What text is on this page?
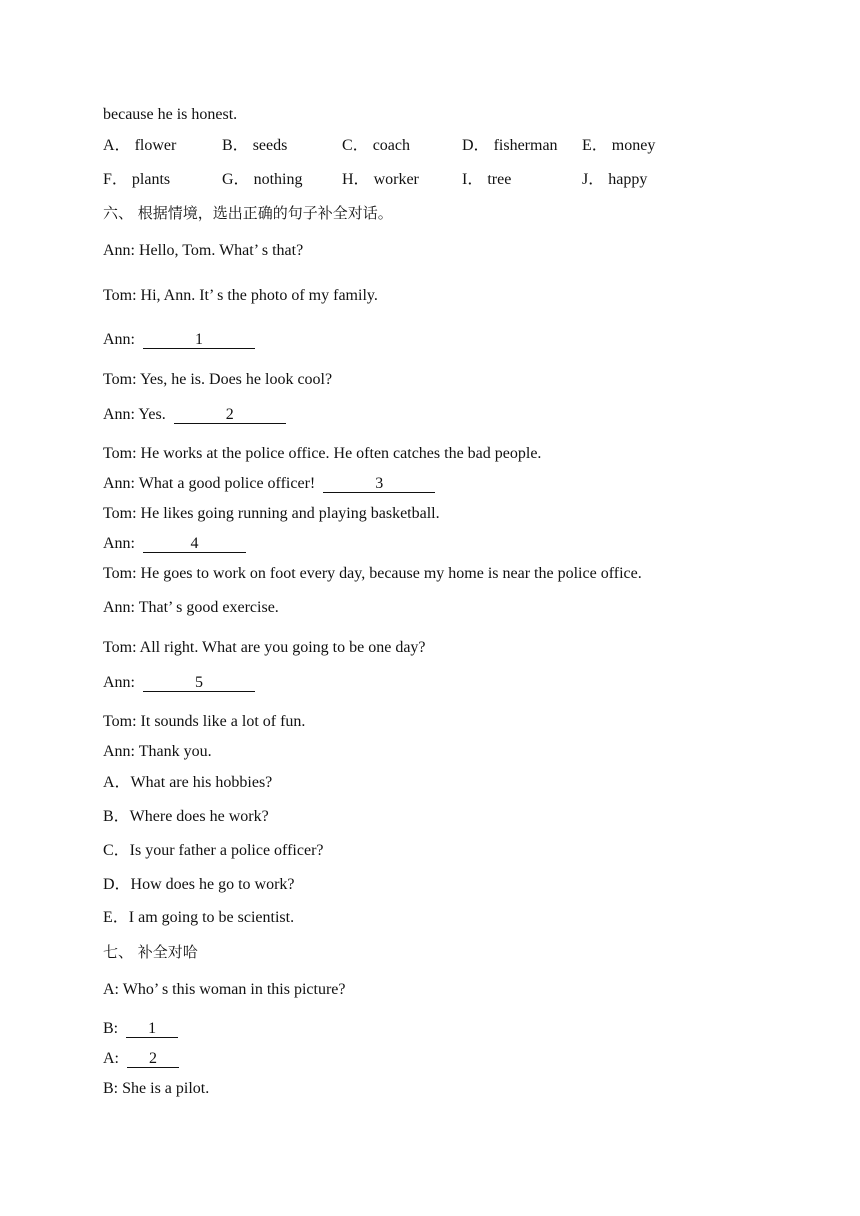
because he is honest.
A． flower	B． seeds	C． coach	D． fisherman E． money
F． plants	G． nothing H． worker	I． tree	J． happy
六、 根据情境，选出正确的句子补全对话。
Ann: Hello, Tom. What’ s that?
Tom: Hi, Ann. It’ s the photo of my family.
Ann:	1
Tom: Yes, he is. Does he look cool?
Ann: Yes.	2
Tom: He works at the police office. He often catches the bad people.
Ann: What a good police officer!	3
Tom: He likes going running and playing basketball.
Ann:	4
Tom: He goes to work on foot every day, because my home is near the police office.
Ann: That’ s good exercise.
Tom: All right. What are you going to be one day?
Ann:	5
Tom: It sounds like a lot of fun.
Ann: Thank you.
A．What are his hobbies?
B．Where does he work?
C．Is your father a police officer?
D．How does he go to work?
E．I am going to be scientist.
七、 补全对哈
A: Who’ s this woman in this picture?
B: 1
A: 2
B: She is a pilot.
